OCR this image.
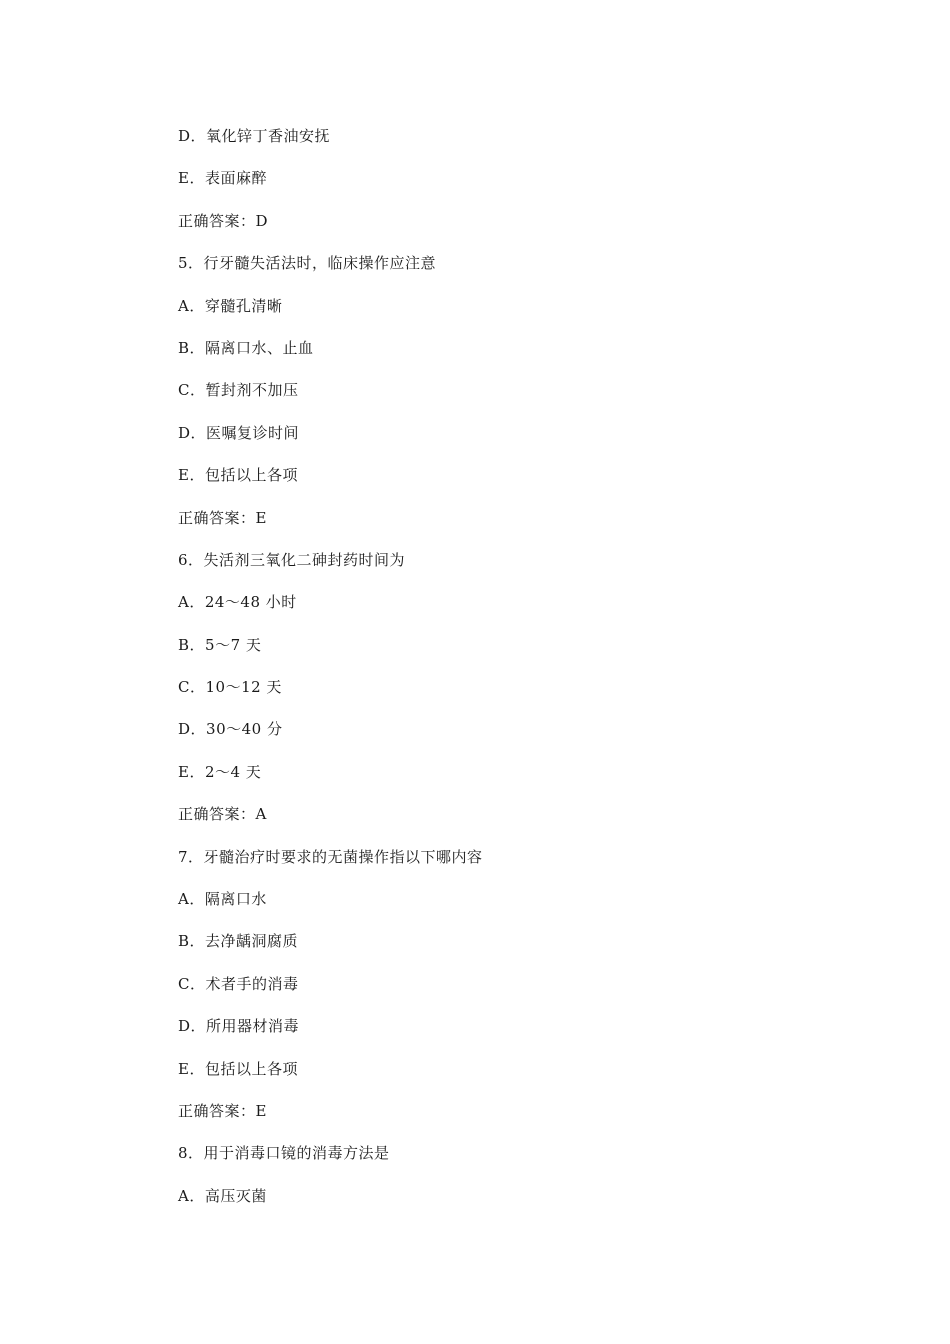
D．氧化锌丁香油安抚
E．表面麻醉
正确答案：D
5．行牙髓失活法时，临床操作应注意
A．穿髓孔清晰
B．隔离口水、止血
C．暂封剂不加压
D．医嘱复诊时间
E．包括以上各项
正确答案：E
6．失活剂三氧化二砷封药时间为
A．24～48 小时
B．5～7 天
C．10～12 天
D．30～40 分
E．2～4 天
正确答案：A
7．牙髓治疗时要求的无菌操作指以下哪内容
A．隔离口水
B．去净龋洞腐质
C．术者手的消毒
D．所用器材消毒
E．包括以上各项
正确答案：E
8．用于消毒口镜的消毒方法是
A．高压灭菌
